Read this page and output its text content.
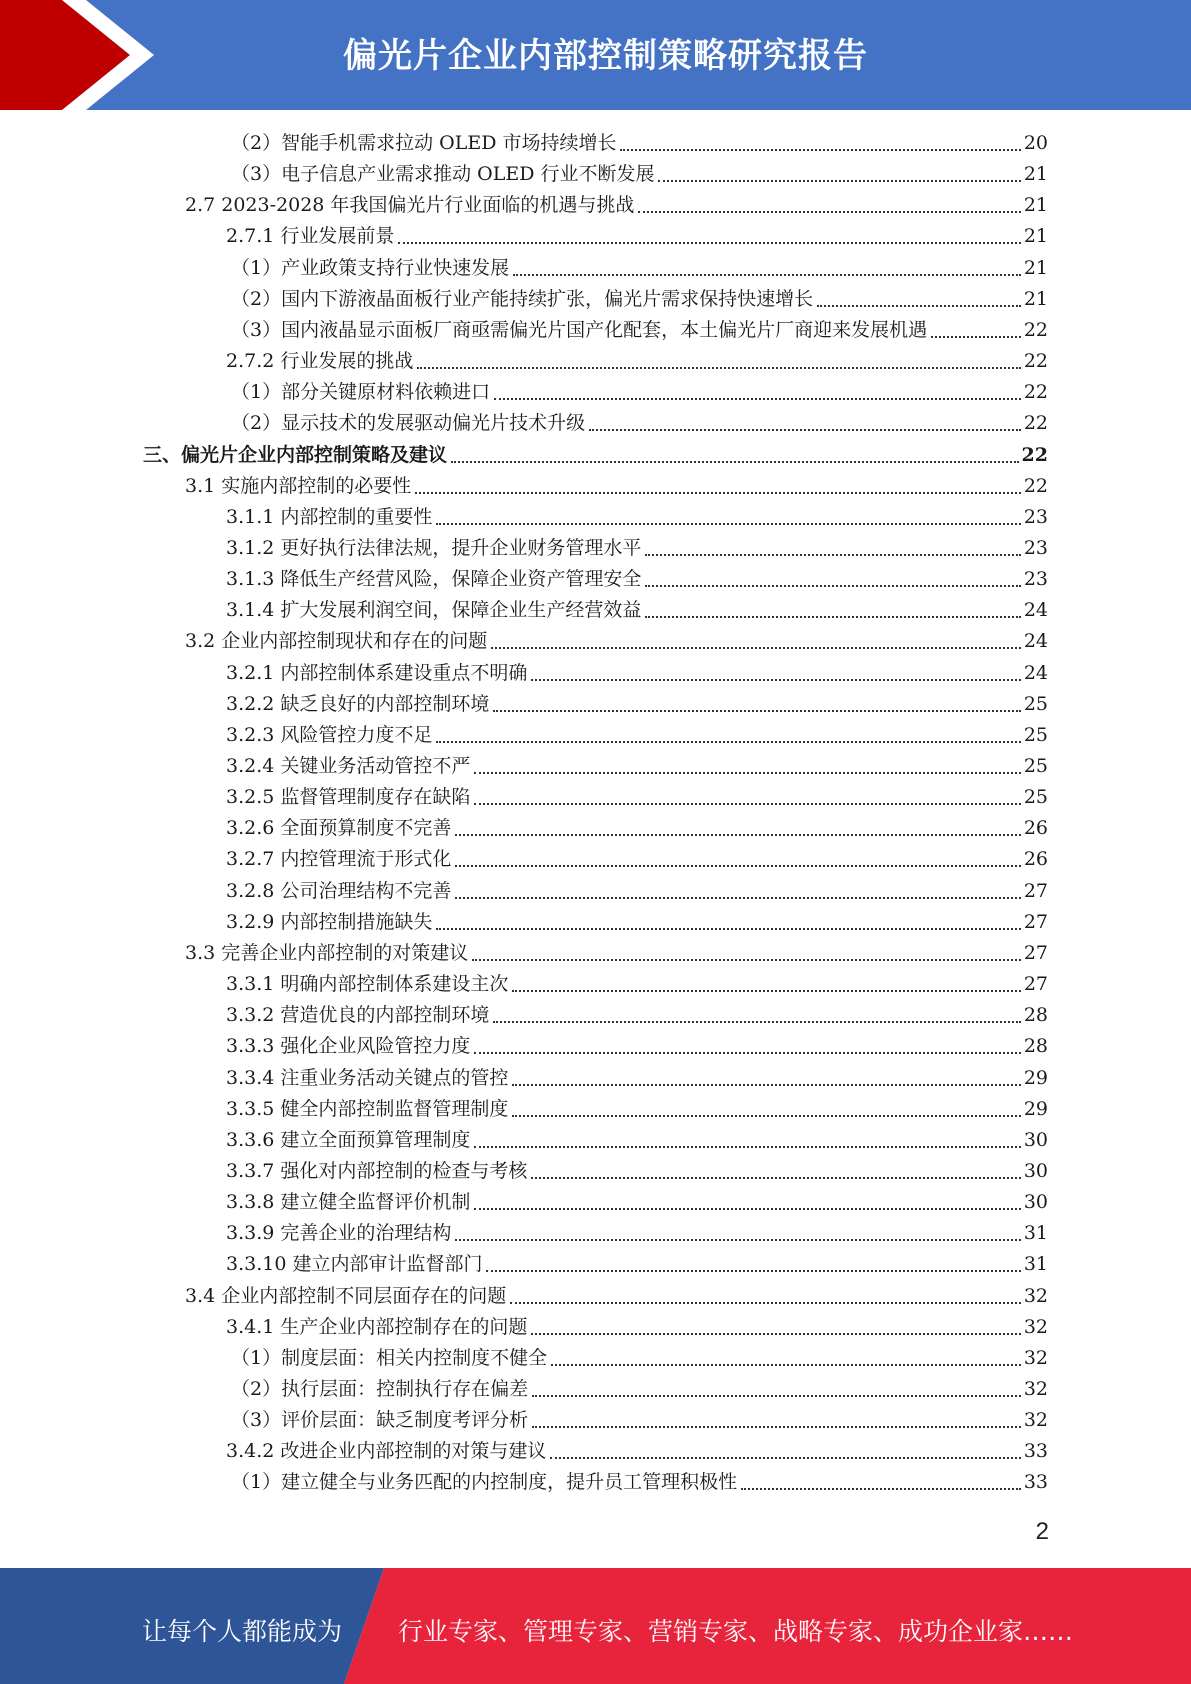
偏光片企业内部控制策略研究报告
（2）智能手机需求拉动 OLED 市场持续增长	20
（3）电子信息产业需求推动 OLED 行业不断发展	21
2.7 2023-2028 年我国偏光片行业面临的机遇与挑战	21
2.7.1 行业发展前景	21
（1）产业政策支持行业快速发展	21
（2）国内下游液晶面板行业产能持续扩张，偏光片需求保持快速增长	21
（3）国内液晶显示面板厂商亟需偏光片国产化配套，本土偏光片厂商迎来发展机遇	22
2.7.2 行业发展的挑战	22
（1）部分关键原材料依赖进口	22
（2）显示技术的发展驱动偏光片技术升级	22
三、偏光片企业内部控制策略及建议	22
3.1 实施内部控制的必要性	22
3.1.1 内部控制的重要性	23
3.1.2 更好执行法律法规，提升企业财务管理水平	23
3.1.3 降低生产经营风险，保障企业资产管理安全	23
3.1.4 扩大发展利润空间，保障企业生产经营效益	24
3.2 企业内部控制现状和存在的问题	24
3.2.1 内部控制体系建设重点不明确	24
3.2.2 缺乏良好的内部控制环境	25
3.2.3 风险管控力度不足	25
3.2.4 关键业务活动管控不严	25
3.2.5 监督管理制度存在缺陷	25
3.2.6 全面预算制度不完善	26
3.2.7 内控管理流于形式化	26
3.2.8 公司治理结构不完善	27
3.2.9 内部控制措施缺失	27
3.3 完善企业内部控制的对策建议	27
3.3.1 明确内部控制体系建设主次	27
3.3.2 营造优良的内部控制环境	28
3.3.3 强化企业风险管控力度	28
3.3.4 注重业务活动关键点的管控	29
3.3.5 健全内部控制监督管理制度	29
3.3.6 建立全面预算管理制度	30
3.3.7 强化对内部控制的检查与考核	30
3.3.8 建立健全监督评价机制	30
3.3.9 完善企业的治理结构	31
3.3.10 建立内部审计监督部门	31
3.4 企业内部控制不同层面存在的问题	32
3.4.1 生产企业内部控制存在的问题	32
（1）制度层面：相关内控制度不健全	32
（2）执行层面：控制执行存在偏差	32
（3）评价层面：缺乏制度考评分析	32
3.4.2 改进企业内部控制的对策与建议	33
（1）建立健全与业务匹配的内控制度，提升员工管理积极性	33
2
让每个人都能成为 行业专家、管理专家、营销专家、战略专家、成功企业家……
